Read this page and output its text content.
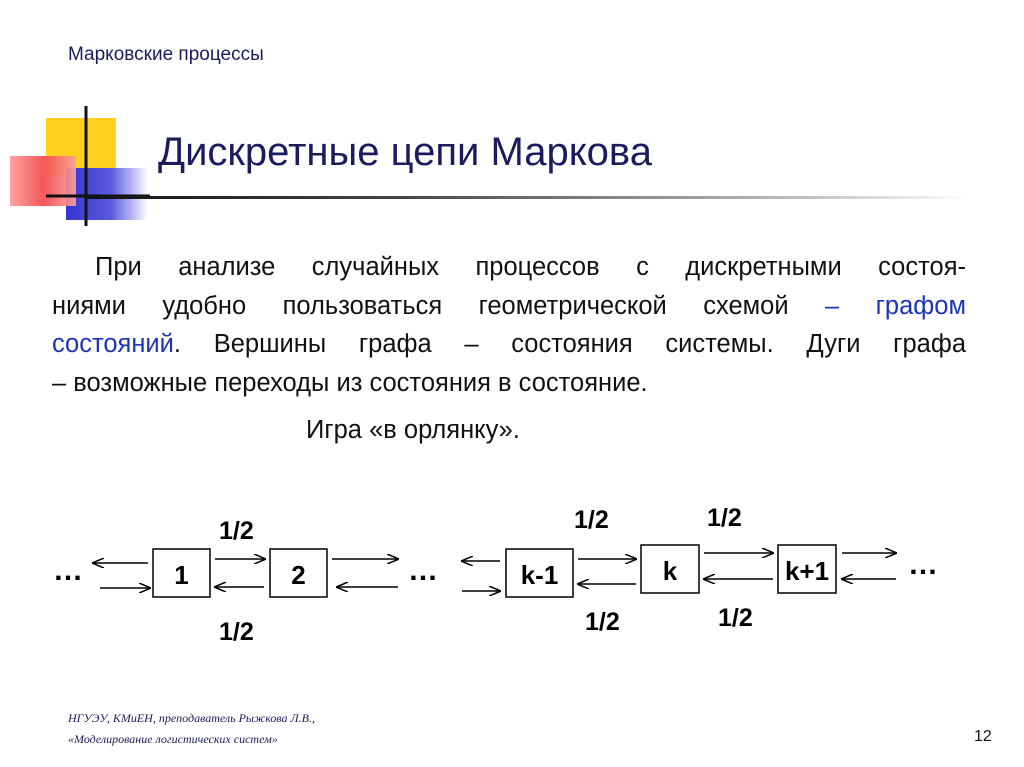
Марковские процессы
Дискретные цепи Маркова
При анализе случайных процессов с дискретными состоя-
ниями удобно пользоваться геометрической схемой – графом
состояний. Вершины графа – состояния системы. Дуги графа
– возможные переходы из состояния в состояние.
Игра «в орлянку».
…	…	…
1	2	k-1	k	k+1
1/2
1/2
1/2
1/2
1/2
1/2
НГУЭУ, КМиЕН, преподаватель Рыжкова Л.В.,
«Моделирование логистических систем»	12
